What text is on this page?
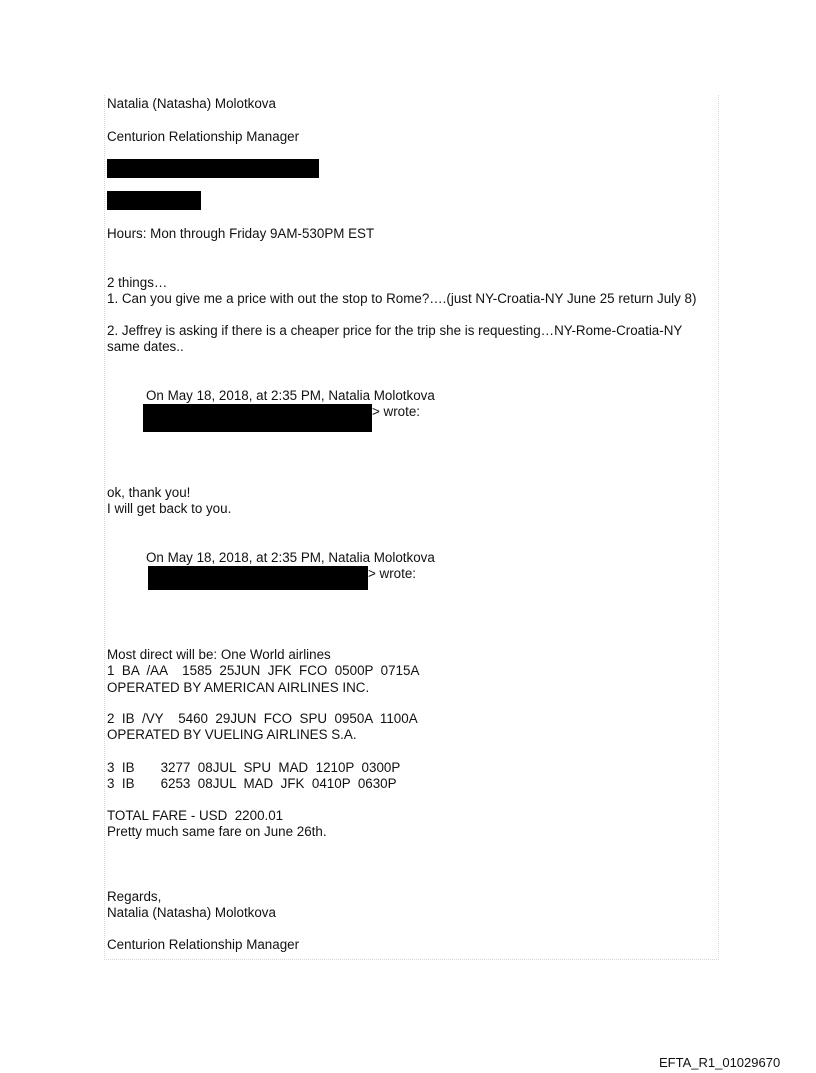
Natalia (Natasha) Molotkova
Centurion Relationship Manager
Hours: Mon through Friday 9AM-530PM EST
2 things…
1. Can you give me a price with out the stop to Rome?….(just NY-Croatia-NY June 25 return July 8)
2. Jeffrey is asking if there is a cheaper price for the trip she is requesting…NY-Rome-Croatia-NY same dates..
On May 18, 2018, at 2:35 PM, Natalia Molotkova
> wrote:
ok, thank you!
I will get back to you.
On May 18, 2018, at 2:35 PM, Natalia Molotkova
> wrote:
Most direct will be: One World airlines
1  BA  /AA    1585  25JUN  JFK  FCO  0500P  0715A
OPERATED BY AMERICAN AIRLINES INC.
2  IB  /VY    5460  29JUN  FCO  SPU  0950A  1100A
OPERATED BY VUELING AIRLINES S.A.
3  IB       3277  08JUL  SPU  MAD  1210P  0300P
3  IB       6253  08JUL  MAD  JFK  0410P  0630P
TOTAL FARE - USD  2200.01
Pretty much same fare on June 26th.
Regards,
Natalia (Natasha) Molotkova
Centurion Relationship Manager
EFTA_R1_01029670
